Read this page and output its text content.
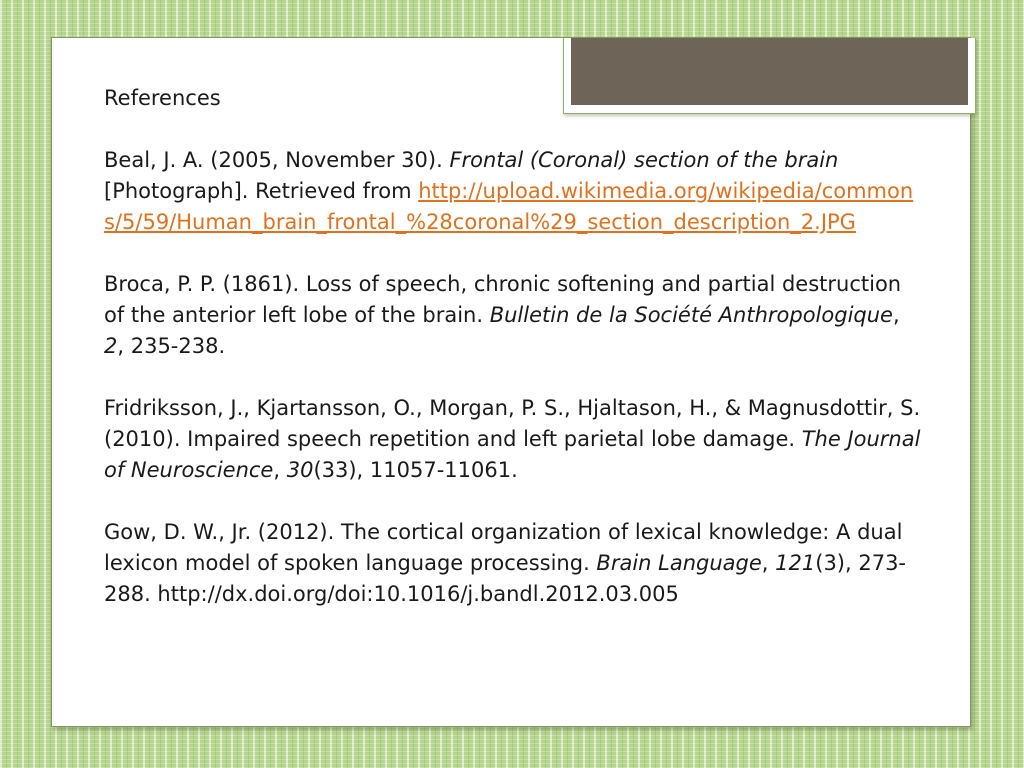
References

Beal, J. A. (2005, November 30). Frontal (Coronal) section of the brain [Photograph]. Retrieved from http://upload.wikimedia.org/wikipedia/commons/5/59/Human_brain_frontal_%28coronal%29_section_description_2.JPG

Broca, P. P. (1861). Loss of speech, chronic softening and partial destruction of the anterior left lobe of the brain. Bulletin de la Société Anthropologique, 2, 235-238.

Fridriksson, J., Kjartansson, O., Morgan, P. S., Hjaltason, H., & Magnusdottir, S. (2010). Impaired speech repetition and left parietal lobe damage. The Journal of Neuroscience, 30(33), 11057-11061.

Gow, D. W., Jr. (2012). The cortical organization of lexical knowledge: A dual lexicon model of spoken language processing. Brain Language, 121(3), 273-288. http://dx.doi.org/doi:10.1016/j.bandl.2012.03.005
